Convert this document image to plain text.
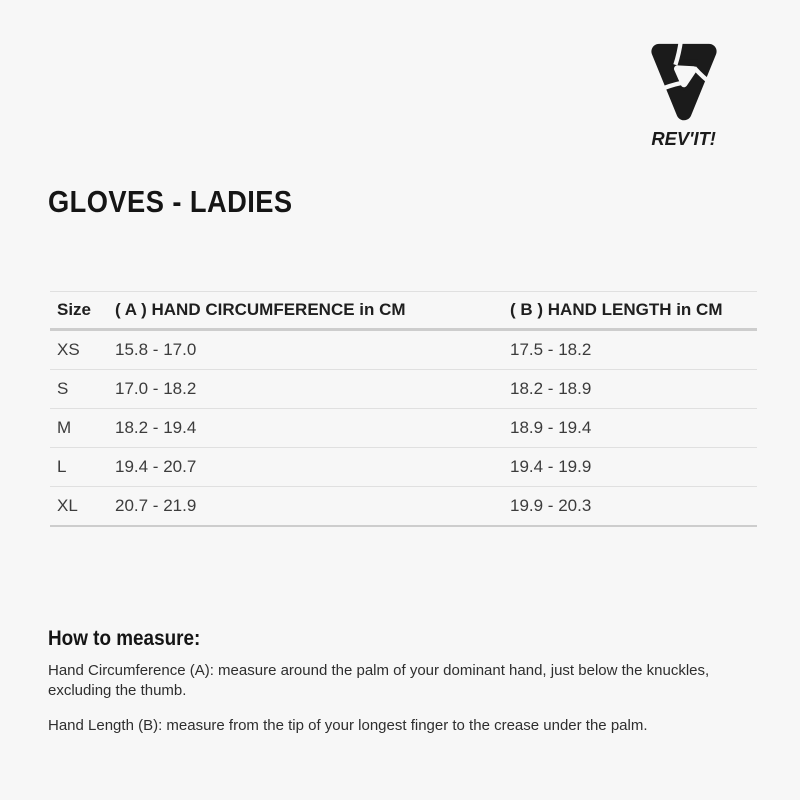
REV'IT!
GLOVES - LADIES
Size	( A ) HAND CIRCUMFERENCE in CM	( B ) HAND LENGTH in CM
XS	15.8 - 17.0	17.5 - 18.2
S	17.0 - 18.2	18.2 - 18.9
M	18.2 - 19.4	18.9 - 19.4
L	19.4 - 20.7	19.4 - 19.9
XL	20.7 - 21.9	19.9 - 20.3
How to measure:

Hand Circumference (A): measure around the palm of your dominant hand, just below the knuckles,
excluding the thumb.

Hand Length (B): measure from the tip of your longest finger to the crease under the palm.
